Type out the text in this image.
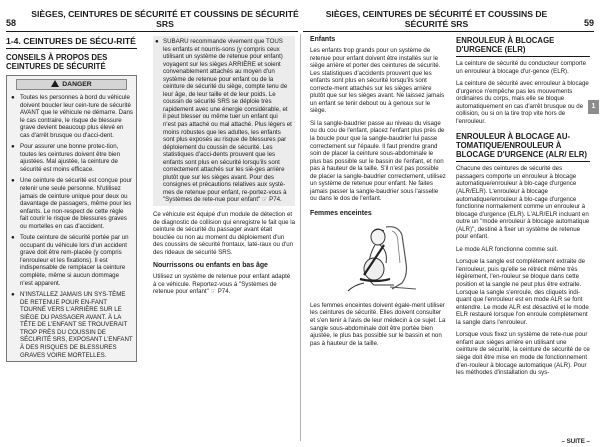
58
SIÈGES, CEINTURES DE SÉCURITÉ ET COUSSINS DE SÉCURITÉ SRS
SIÈGES, CEINTURES DE SÉCURITÉ ET COUSSINS DE SÉCURITÉ SRS	59
1-4. CEINTURES DE SÉCU-RITÉ
CONSEILS À PROPOS DES CEINTURES DE SÉCURITÉ
DANGER
● Toutes les personnes à bord du véhicule doivent boucler leur cein-ture de sécurité AVANT que le véhicule ne démarre. Dans le cas contraire, le risque de blessure grave devient beaucoup plus élevé en cas d'arrêt brusque ou d'acci-dent.
● Pour assurer une bonne protec-tion, toutes les ceintures doivent être bien ajustées. Mal ajustée, la ceinture de sécurité est moins efficace.
● Une ceinture de sécurité est conçue pour retenir une seule personne. N'utilisez jamais de ceinture unique pour deux ou davantage de passagers, même pour les enfants. Le non-respect de cette règle fait courir le risque de blessures graves ou mortelles en cas d'accident.
● Toute ceinture de sécurité portée par un occupant du véhicule lors d'un accident grave doit être rem-placée (y compris l'enrouleur et les fixations). Il est indispensable de remplacer la ceinture complète, même si aucun dommage n'est apparent.
● N'INSTALLEZ JAMAIS UN SYS-TÈME DE RETENUE POUR EN-FANT TOURNÉ VERS L'ARRIÈRE SUR LE SIÈGE DU PASSAGER AVANT. À LA TÊTE DE L'ENFANT SE TROUVERAIT TROP PRÈS DU COUSSIN DE SÉCURITÉ SRS, EXPOSANT L'ENFANT À DES RISQUES DE BLESSURES GRAVES VOIRE MORTELLES.
● SUBARU recommande vivement que TOUS les enfants et nourris-sons (y compris ceux utilisant un système de retenue pour enfant) voyagent sur les sièges ARRIÈRE et soient convenablement attachés au moyen d'un système de retenue pour enfant ou de la ceinture de sécurité du siège, compte tenu de leur âge, de leur taille et de leur poids. Le coussin de sécurité SRS se déploie très rapidement avec une énergie considérable, et il peut blesser ou même tuer un enfant qui n'est pas attaché ou mal attaché. Plus légers et moins robustes que les adultes, les enfants sont plus exposés au risque de blessures par déploiement du coussin de sécurité. Les statistiques d'acci-dents prouvent que les enfants sont plus en sécurité lorsqu'ils sont correctement attachés sur les siè-ges arrière plutôt que sur les sièges avant. Pour des consignes et précautions relatives aux systè-mes de retenue pour enfant, re-portez-vous à "Systèmes de rete-nue pour enfant" ☞ P74.

Ce véhicule est équipé d'un module de détection et de diagnostic de collision qui enregistre le fait que la ceinture de sécurité du passager avant était bouclée ou non au moment du déploiement d'un des coussins de sécurité frontaux, laté-raux ou d'un des rideaux de sécurité SRS.

Nourrissons ou enfants en bas âge

Utilisez un système de retenue pour enfant adapté à ce véhicule. Reportez-vous à "Systèmes de retenue pour enfant" ☞ P74.

Enfants

Les enfants trop grands pour un système de retenue pour enfant doivent être installés sur le siège arrière et porter des ceintures de sécurité. Les statistiques d'accidents prouvent que les enfants sont plus en sécurité lorsqu'ils sont correcte-ment attachés sur les sièges arrière plutôt que sur les sièges avant. Ne laissez jamais un enfant se tenir debout ou à genoux sur le siège.

Si la sangle-baudrier passe au niveau du visage ou du cou de l'enfant, placez l'enfant plus près de la boucle pour que la sangle-baudrier lui passe correctement sur l'épaule. Il faut prendre grand soin de placer la ceinture sous-abdominale le plus bas possible sur le bassin de l'enfant, et non pas à hauteur de la taille. S'il n'est pas possible de placer la sangle-baudrier correctement, utilisez un système de retenue pour enfant. Ne faites jamais passer la sangle-baudrier sous l'aisselle ou dans le dos de l'enfant.

Femmes enceintes

Les femmes enceintes doivent égale-ment utiliser les ceintures de sécurité. Elles doivent consulter et s'en tenir à l'avis de leur médecin à ce sujet. La sangle sous-abdominale doit être portée bien ajustée, le plus bas possible sur le bassin et non pas à hauteur de la taille.

ENROULEUR À BLOCAGE D'URGENCE (ELR)

La ceinture de sécurité du conducteur comporte un enrouleur à blocage d'ur-gence (ELR).

La ceinture de sécurité avec enrouleur à blocage d'urgence n'empêche pas les mouvements ordinaires du corps, mais elle se bloque automatiquement en cas d'arrêt brusque ou de collision, ou si on la tire trop vite hors de l'enrouleur.

ENROULEUR À BLOCAGE AU-TOMATIQUE/ENROULEUR À BLOCAGE D'URGENCE (ALR/ ELR)

Chacune des ceintures de sécurité des passagers comporte un enrouleur à blocage automatique/enrouleur à blo-cage d'urgence (ALR/ELR). L'enrouleur à blocage automatique/enrouleur à blo-cage d'urgence fonctionne normalement comme un enrouleur à blocage d'urgence (ELR). L'ALR/ELR incluant en outre un "mode enrouleur à blocage automatique (ALR)", destiné à fixer un système de retenue pour enfant.

Le mode ALR fonctionne comme suit.

Lorsque la sangle est complètement extraite de l'enrouleur, puis qu'elle se rétrécit même très légèrement, l'en-rouleur se bloque dans cette position et la sangle ne peut plus être extraite. Lorsque la sangle s'enroule, des cliquets indi-quant que l'enrouleur est en mode ALR se font entendre. Le mode ALR est désactivé et le mode ELR restauré lorsque l'on enroule complètement la sangle dans l'enrouleur.

Lorsque vous fixez un système de rete-nue pour enfant aux sièges arrière en utilisant une ceinture de sécurité, la ceinture de sécurité de ce siège doit être mise en mode de fonctionnement d'en-rouleur à blocage automatique (ALR). Pour les méthodes d'installation du sys-

1
– SUITE –
